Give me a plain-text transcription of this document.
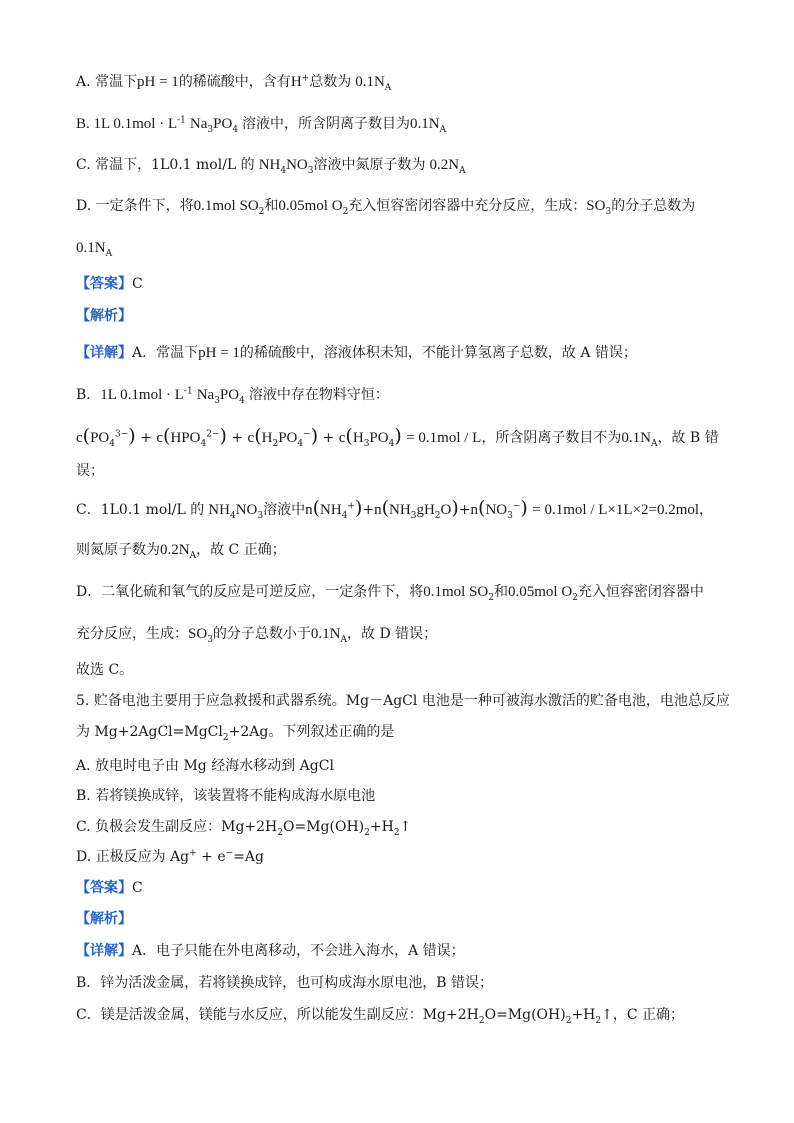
A. 常温下pH = 1的稀硫酸中，含有H+总数为 $0.1N_A$
B. 1L $0.1mol \cdot L^{-1}$ $Na_3PO_4$ 溶液中，所含阴离子数目为$0.1N_A$
C. 常温下，1L0.1 mol/L 的 $NH_4NO_3$溶液中氮原子数为 $0.2N_A$
D. 一定条件下，将0.1mol $SO_2$和0.05mol $O_2$充入恒容密闭容器中充分反应，生成：$SO_3$的分子总数为
$0.1N_A$
【答案】C
【解析】
【详解】A．常温下pH = 1的稀硫酸中，溶液体积未知，不能计算氢离子总数，故 A 错误；
B．1L $0.1mol \cdot L^{-1}$ $Na_3PO_4$ 溶液中存在物料守恒：
$c(PO_4^{3-}) + c(HPO_4^{2-}) + c(H_2PO_4^-) + c(H_3PO_4) = 0.1mol / L$，所含阴离子数目不为$0.1N_A$，故 B 错
误；
C．1L0.1 mol/L 的 $NH_4NO_3$溶液中$n(NH_4^+)+n(NH_3gH_2O)+n(NO_3^-) = 0.1mol / L\times 1L\times 2=0.2mol$，
则氮原子数为$0.2N_A$，故 C 正确；
D．二氧化硫和氧气的反应是可逆反应，一定条件下，将0.1mol $SO_2$和0.05mol $O_2$充入恒容密闭容器中
充分反应，生成：$SO_3$的分子总数小于$0.1N_A$，故 D 错误；
故选 C。
5. 贮备电池主要用于应急救援和武器系统。Mg－AgCl 电池是一种可被海水激活的贮备电池，电池总反应
为 Mg+2AgCl=MgCl$_2$+2Ag。下列叙述正确的是
A. 放电时电子由 Mg 经海水移动到 AgCl
B. 若将镁换成锌，该装置将不能构成海水原电池
C. 负极会发生副反应：$Mg+2H_2O=Mg(OH)_2+H_2↑$
D. 正极反应为 Ag+ + e−=Ag
【答案】C
【解析】
【详解】A．电子只能在外电离移动，不会进入海水，A 错误；
B．锌为活泼金属，若将镁换成锌，也可构成海水原电池，B 错误；
C．镁是活泼金属，镁能与水反应，所以能发生副反应：$Mg+2H_2O=Mg(OH)_2+H_2↑$，C 正确；
